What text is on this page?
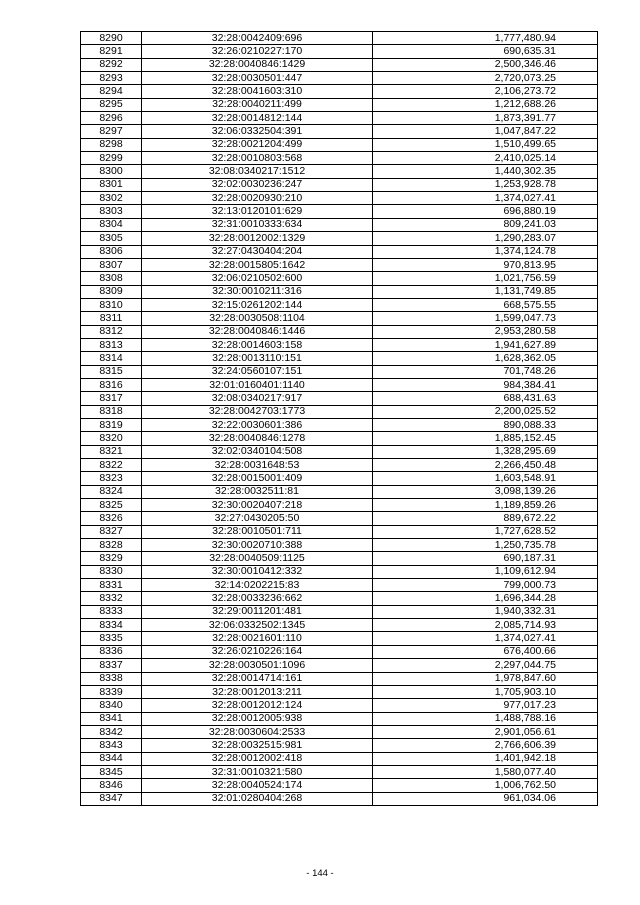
8290	32:28:0042409:696	1,777,480.94
8291	32:26:0210227:170	690,635.31
8292	32:28:0040846:1429	2,500,346.46
8293	32:28:0030501:447	2,720,073.25
8294	32:28:0041603:310	2,106,273.72
8295	32:28:0040211:499	1,212,688.26
8296	32:28:0014812:144	1,873,391.77
8297	32:06:0332504:391	1,047,847.22
8298	32:28:0021204:499	1,510,499.65
8299	32:28:0010803:568	2,410,025.14
8300	32:08:0340217:1512	1,440,302.35
8301	32:02:0030236:247	1,253,928.78
8302	32:28:0020930:210	1,374,027.41
8303	32:13:0120101:629	696,880.19
8304	32:31:0010333:634	809,241.03
8305	32:28:0012002:1329	1,290,283.07
8306	32:27:0430404:204	1,374,124.78
8307	32:28:0015805:1642	970,813.95
8308	32:06:0210502:600	1,021,756.59
8309	32:30:0010211:316	1,131,749.85
8310	32:15:0261202:144	668,575.55
8311	32:28:0030508:1104	1,599,047.73
8312	32:28:0040846:1446	2,953,280.58
8313	32:28:0014603:158	1,941,627.89
8314	32:28:0013110:151	1,628,362.05
8315	32:24:0560107:151	701,748.26
8316	32:01:0160401:1140	984,384.41
8317	32:08:0340217:917	688,431.63
8318	32:28:0042703:1773	2,200,025.52
8319	32:22:0030601:386	890,088.33
8320	32:28:0040846:1278	1,885,152.45
8321	32:02:0340104:508	1,328,295.69
8322	32:28:0031648:53	2,266,450.48
8323	32:28:0015001:409	1,603,548.91
8324	32:28:0032511:81	3,098,139.26
8325	32:30:0020407:218	1,189,859.26
8326	32:27:0430205:50	889,672.22
8327	32:28:0010501:711	1,727,628.52
8328	32:30:0020710:388	1,250,735.78
8329	32:28:0040509:1125	690,187.31
8330	32:30:0010412:332	1,109,612.94
8331	32:14:0202215:83	799,000.73
8332	32:28:0033236:662	1,696,344.28
8333	32:29:0011201:481	1,940,332.31
8334	32:06:0332502:1345	2,085,714.93
8335	32:28:0021601:110	1,374,027.41
8336	32:26:0210226:164	676,400.66
8337	32:28:0030501:1096	2,297,044.75
8338	32:28:0014714:161	1,978,847.60
8339	32:28:0012013:211	1,705,903.10
8340	32:28:0012012:124	977,017.23
8341	32:28:0012005:938	1,488,788.16
8342	32:28:0030604:2533	2,901,056.61
8343	32:28:0032515:981	2,766,606.39
8344	32:28:0012002:418	1,401,942.18
8345	32:31:0010321:580	1,580,077.40
8346	32:28:0040524:174	1,006,762.50
8347	32:01:0280404:268	961,034.06
- 144 -
